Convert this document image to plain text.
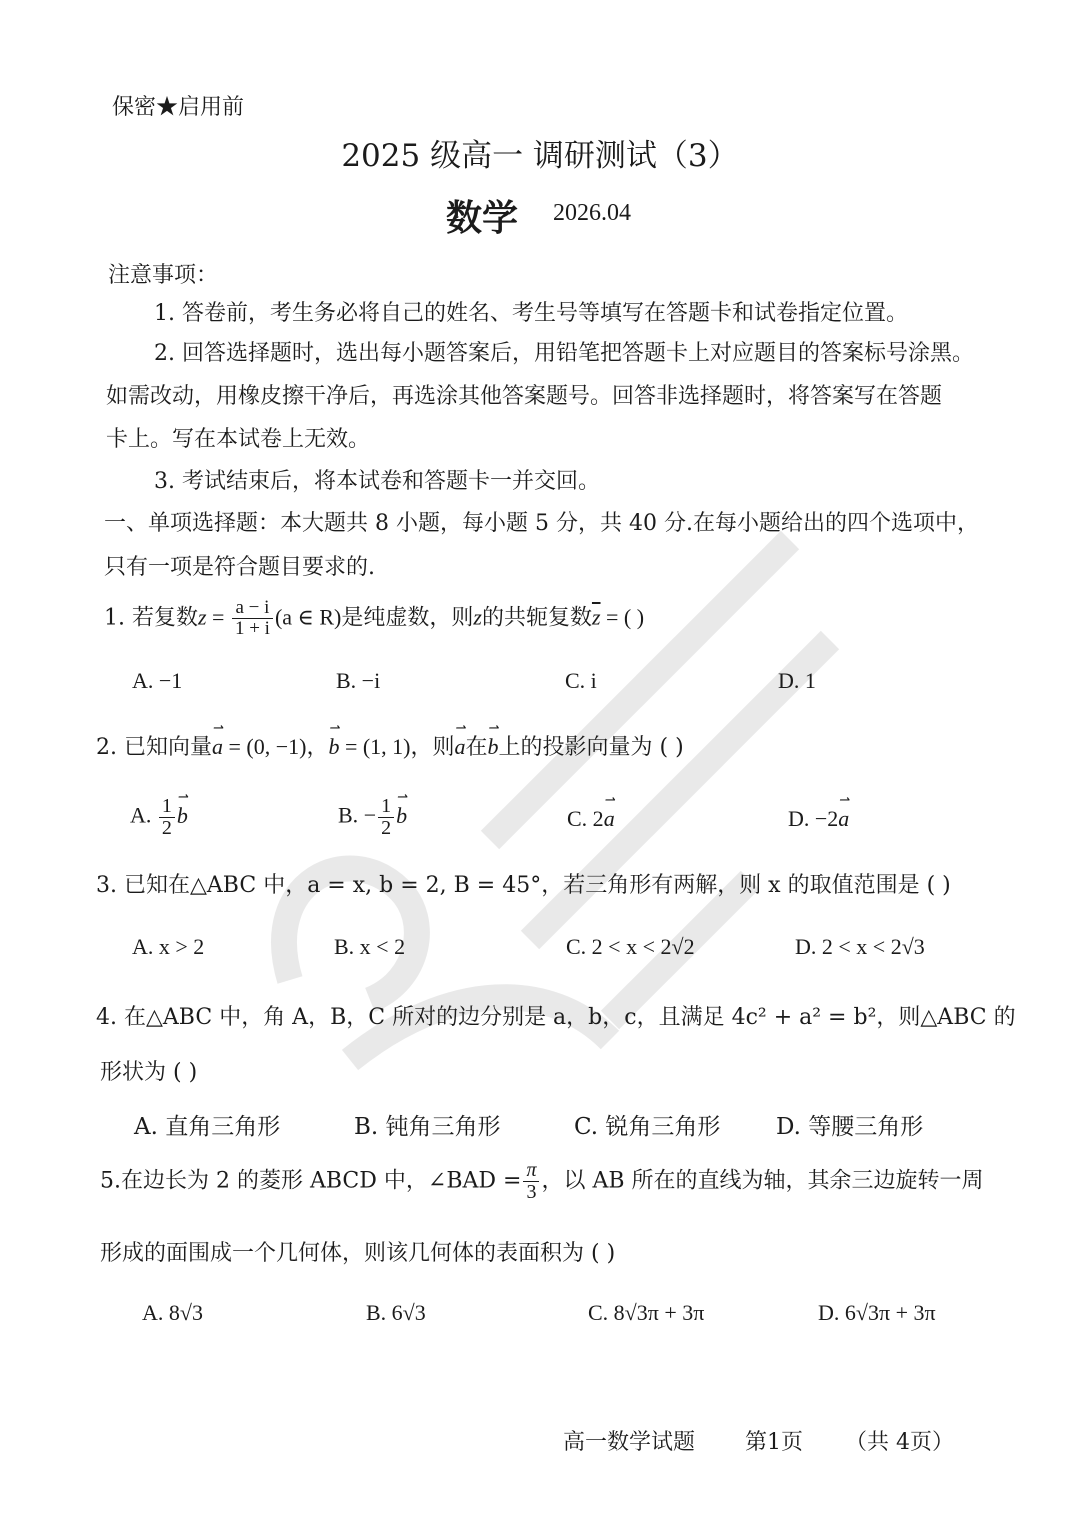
保密★启用前
2025 级高一 调研测试（3）
数学 2026.04
注意事项：
1. 答卷前，考生务必将自己的姓名、考生号等填写在答题卡和试卷指定位置。
2. 回答选择题时，选出每小题答案后，用铅笔把答题卡上对应题目的答案标号涂黑。
如需改动，用橡皮擦干净后，再选涂其他答案题号。回答非选择题时，将答案写在答题
卡上。写在本试卷上无效。
3. 考试结束后，将本试卷和答题卡一并交回。
一、单项选择题：本大题共 8 小题，每小题 5 分，共 40 分.在每小题给出的四个选项中，
只有一项是符合题目要求的.
1. 若复数$z = \frac{a - i}{1 + i} (a$ ∈ R)是纯虚数，则z的共轭复数$\overline{z}$ = ( )
A. −1	B. −i	C. i	D. 1
2. 已知向量⇀ a = (0, −1)，⇀ b = (1, 1)，则⇀ a在⇀ b上的投影向量为 ( )
A. $\frac{1}{2}$ ⇀ b	B. − $\frac{1}{2}$ ⇀ b	C. 2⇀ a	D. −2⇀ a
3. 已知在△ABC 中，a = x, b = 2, B = 45°，若三角形有两解，则 x 的取值范围是 ( )
A. x > 2	B. x < 2	C. 2 < x < 2√2	D. 2 < x < 2√3
4. 在△ABC 中，角 A，B，C 所对的边分别是 a，b，c，且满足 4c² + a² = b²，则△ABC 的
形状为 ( )
A. 直角三角形	B. 钝角三角形	C. 锐角三角形 D. 等腰三角形
5.在边长为 2 的菱形 ABCD 中，∠BAD = $\frac{\pi}{3}$ ，以 AB 所在的直线为轴，其余三边旋转一周
形成的面围成一个几何体，则该几何体的表面积为 ( )
A. 8√3	B. 6√3	C. 8√3π + 3π	D. 6√3π + 3π
高一数学试题 第1页 （共 4页）
